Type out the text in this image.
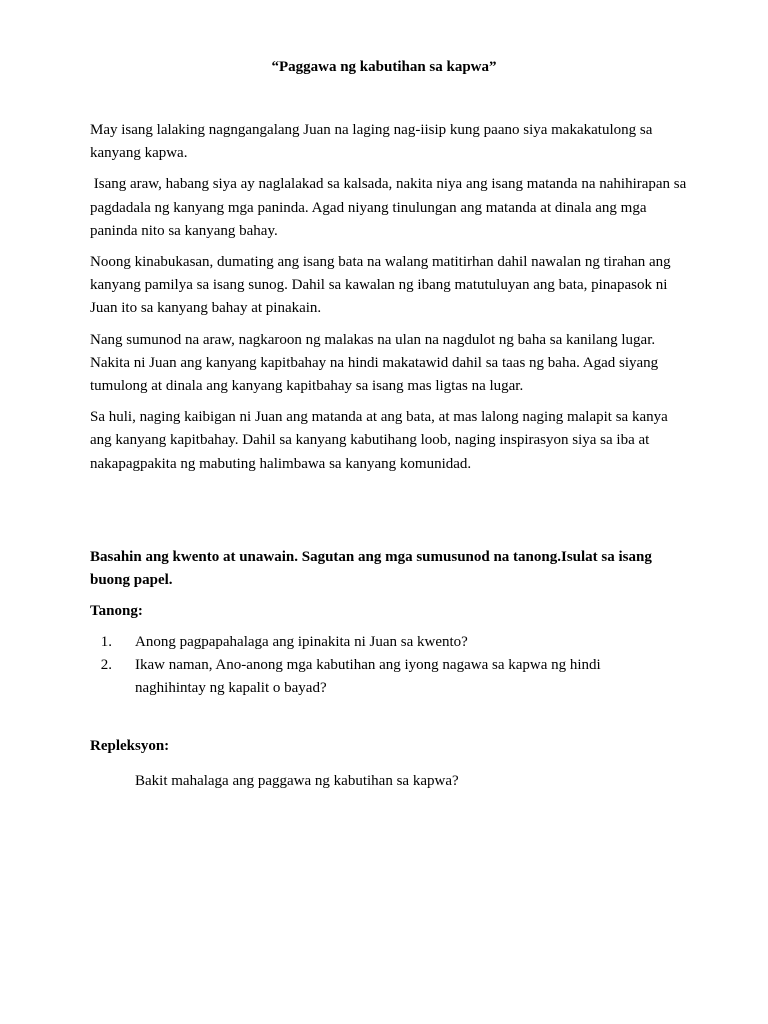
“Paggawa ng kabutihan sa kapwa”

May isang lalaking nagngangalang Juan na laging nag-iisip kung paano siya makakatulong sa kanyang kapwa.

Isang araw, habang siya ay naglalakad sa kalsada, nakita niya ang isang matanda na nahihirapan sa pagdadala ng kanyang mga paninda. Agad niyang tinulungan ang matanda at dinala ang mga paninda nito sa kanyang bahay.

Noong kinabukasan, dumating ang isang bata na walang matitirhan dahil nawalan ng tirahan ang kanyang pamilya sa isang sunog. Dahil sa kawalan ng ibang matutuluyan ang bata, pinapasok ni Juan ito sa kanyang bahay at pinakain.

Nang sumunod na araw, nagkaroon ng malakas na ulan na nagdulot ng baha sa kanilang lugar. Nakita ni Juan ang kanyang kapitbahay na hindi makatawid dahil sa taas ng baha. Agad siyang tumulong at dinala ang kanyang kapitbahay sa isang mas ligtas na lugar.

Sa huli, naging kaibigan ni Juan ang matanda at ang bata, at mas lalong naging malapit sa kanya ang kanyang kapitbahay. Dahil sa kanyang kabutihang loob, naging inspirasyon siya sa iba at nakapagpakita ng mabuting halimbawa sa kanyang komunidad.

Basahin ang kwento at unawain. Sagutan ang mga sumusunod na tanong.Isulat sa isang buong papel.
Tanong:
1.	Anong pagpapahalaga ang ipinakita ni Juan sa kwento?
2.	Ikaw naman, Ano-anong mga kabutihan ang iyong nagawa sa kapwa ng hindi naghihintay ng kapalit o bayad?
Repleksyon:
Bakit mahalaga ang paggawa ng kabutihan sa kapwa?
